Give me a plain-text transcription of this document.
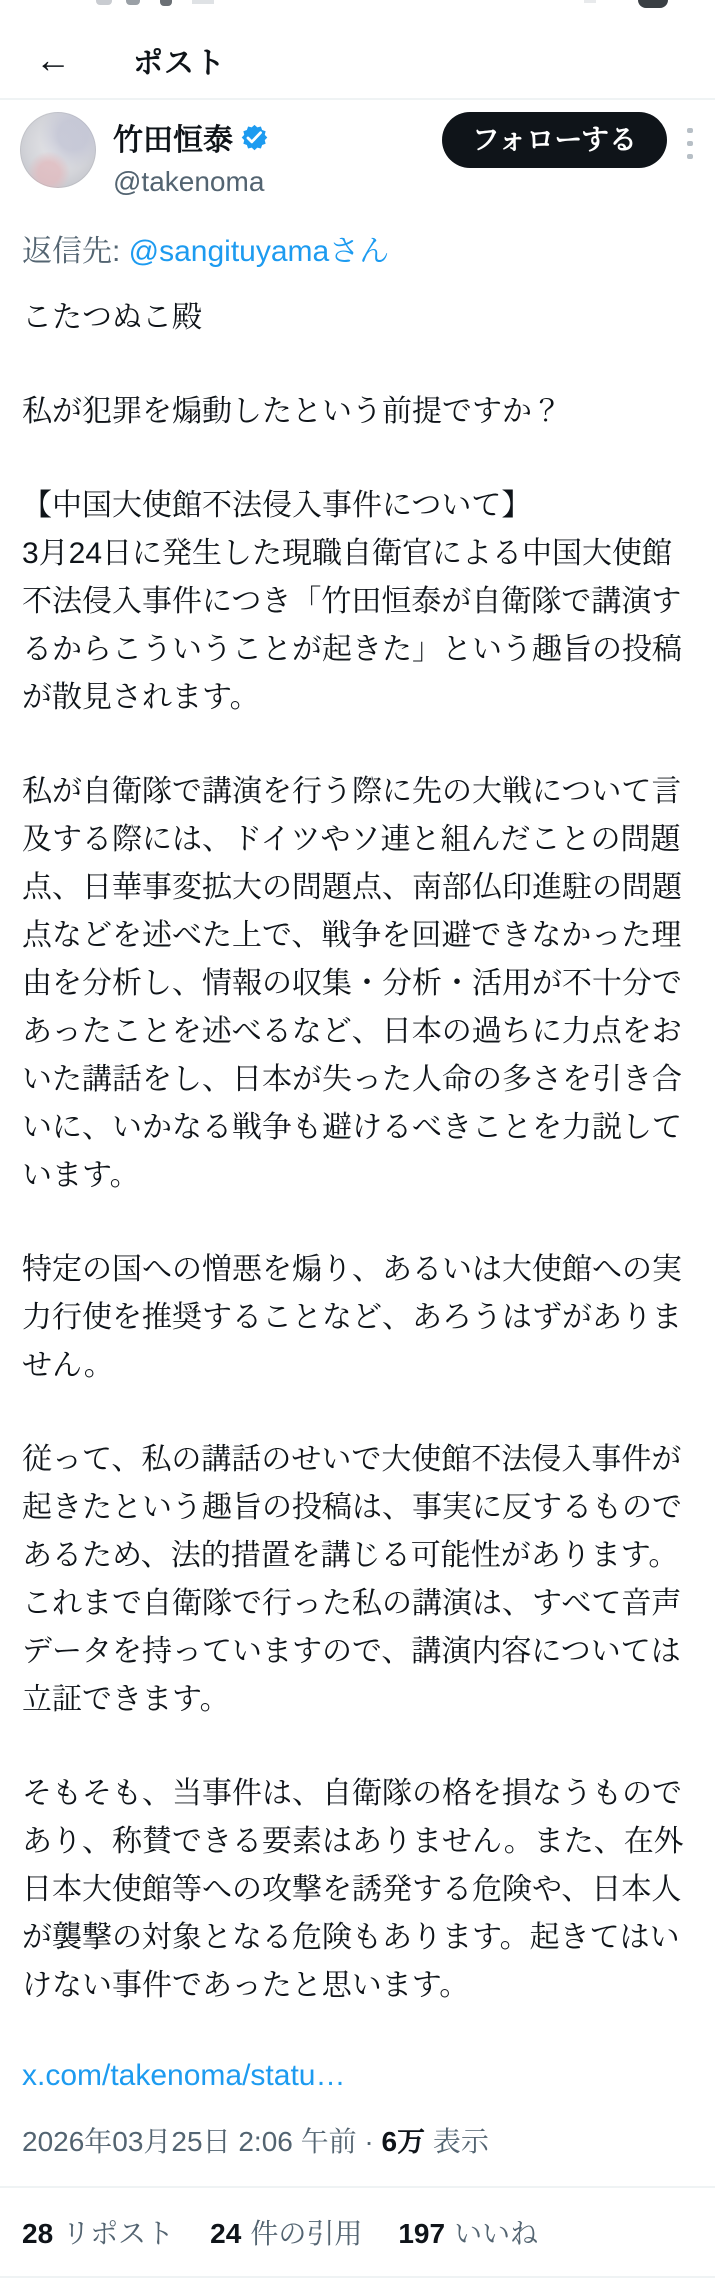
← ポスト
竹田恒泰
@takenoma
フォローする
返信先: @sangituyamaさん

こたつぬこ殿

私が犯罪を煽動したという前提ですか？

【中国大使館不法侵入事件について】
3月24日に発生した現職自衛官による中国大使館不法侵入事件につき「竹田恒泰が自衛隊で講演するからこういうことが起きた」という趣旨の投稿が散見されます。

私が自衛隊で講演を行う際に先の大戦について言及する際には、ドイツやソ連と組んだことの問題点、日華事変拡大の問題点、南部仏印進駐の問題点などを述べた上で、戦争を回避できなかった理由を分析し、情報の収集・分析・活用が不十分であったことを述べるなど、日本の過ちに力点をおいた講話をし、日本が失った人命の多さを引き合いに、いかなる戦争も避けるべきことを力説しています。

特定の国への憎悪を煽り、あるいは大使館への実力行使を推奨することなど、あろうはずがありません。

従って、私の講話のせいで大使館不法侵入事件が起きたという趣旨の投稿は、事実に反するものであるため、法的措置を講じる可能性があります。これまで自衛隊で行った私の講演は、すべて音声データを持っていますので、講演内容については立証できます。

そもそも、当事件は、自衛隊の格を損なうものであり、称賛できる要素はありません。また、在外日本大使館等への攻撃を誘発する危険や、日本人が襲撃の対象となる危険もあります。起きてはいけない事件であったと思います。

x.com/takenoma/statu…
2026年03月25日 2:06 午前 · 6万 表示
28 リポスト 24 件の引用 197 いいね
